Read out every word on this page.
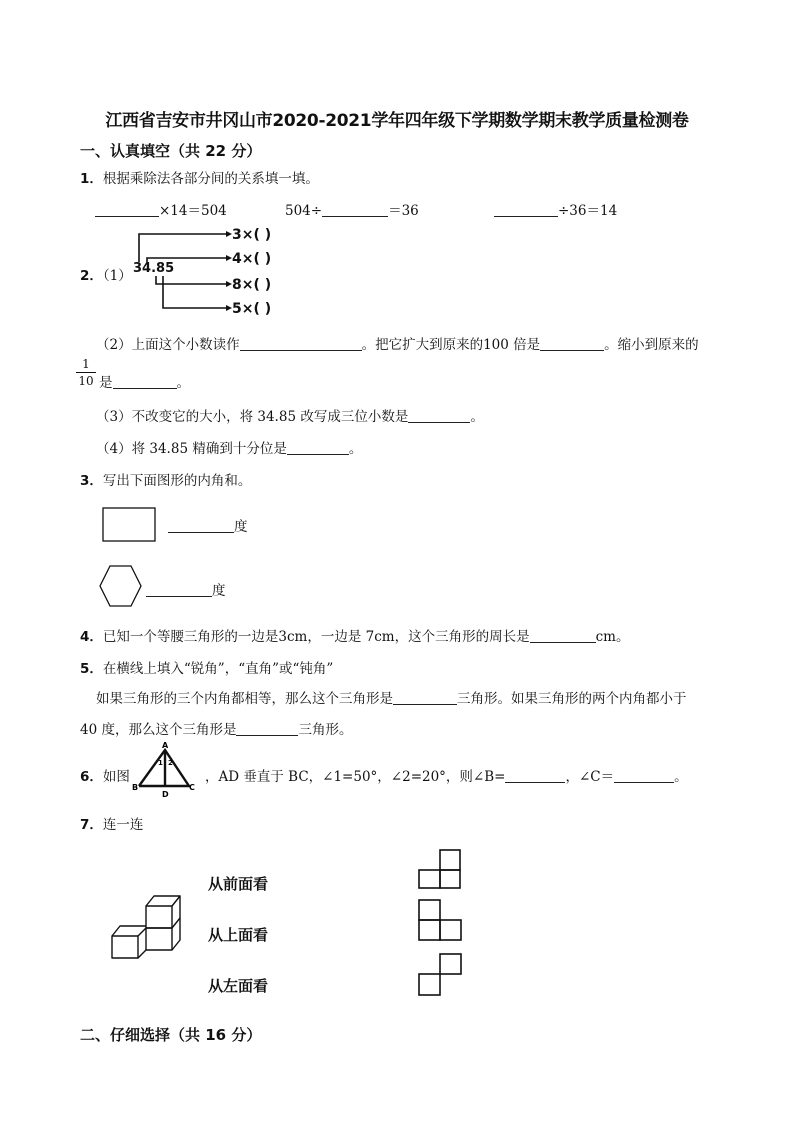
江西省吉安市井冈山市2020-2021学年四年级下学期数学期末教学质量检测卷
一、认真填空（共 22 分）
1．根据乘除法各部分间的关系填一填。
×14＝504	504÷	＝36	÷36＝14
2．（1） 34.85
3×( )
4×( )
8×( )
5×( )
（2）上面这个小数读作	。把它扩大到原来的100 倍是	。缩小到原来的
$\frac{1}{10}$ 是	。
（3）不改变它的大小，将 34.85 改写成三位小数是	。
（4）将 34.85 精确到十分位是	。
3．写出下面图形的内角和。
度
度
4．已知一个等腰三角形的一边是3cm，一边是 7cm，这个三角形的周长是	cm。
5．在横线上填入“锐角”，“直角”或“钝角”
如果三角形的三个内角都相等，那么这个三角形是	三角形。如果三角形的两个内角都小于
40 度，那么这个三角形是	三角形。
6．如图
A
B	C
D
1 2
，AD 垂直于 BC，∠1=50°，∠2=20°，则∠B=	，∠C＝	。
7．连一连
从前面看
从上面看
从左面看
二、仔细选择（共 16 分）
